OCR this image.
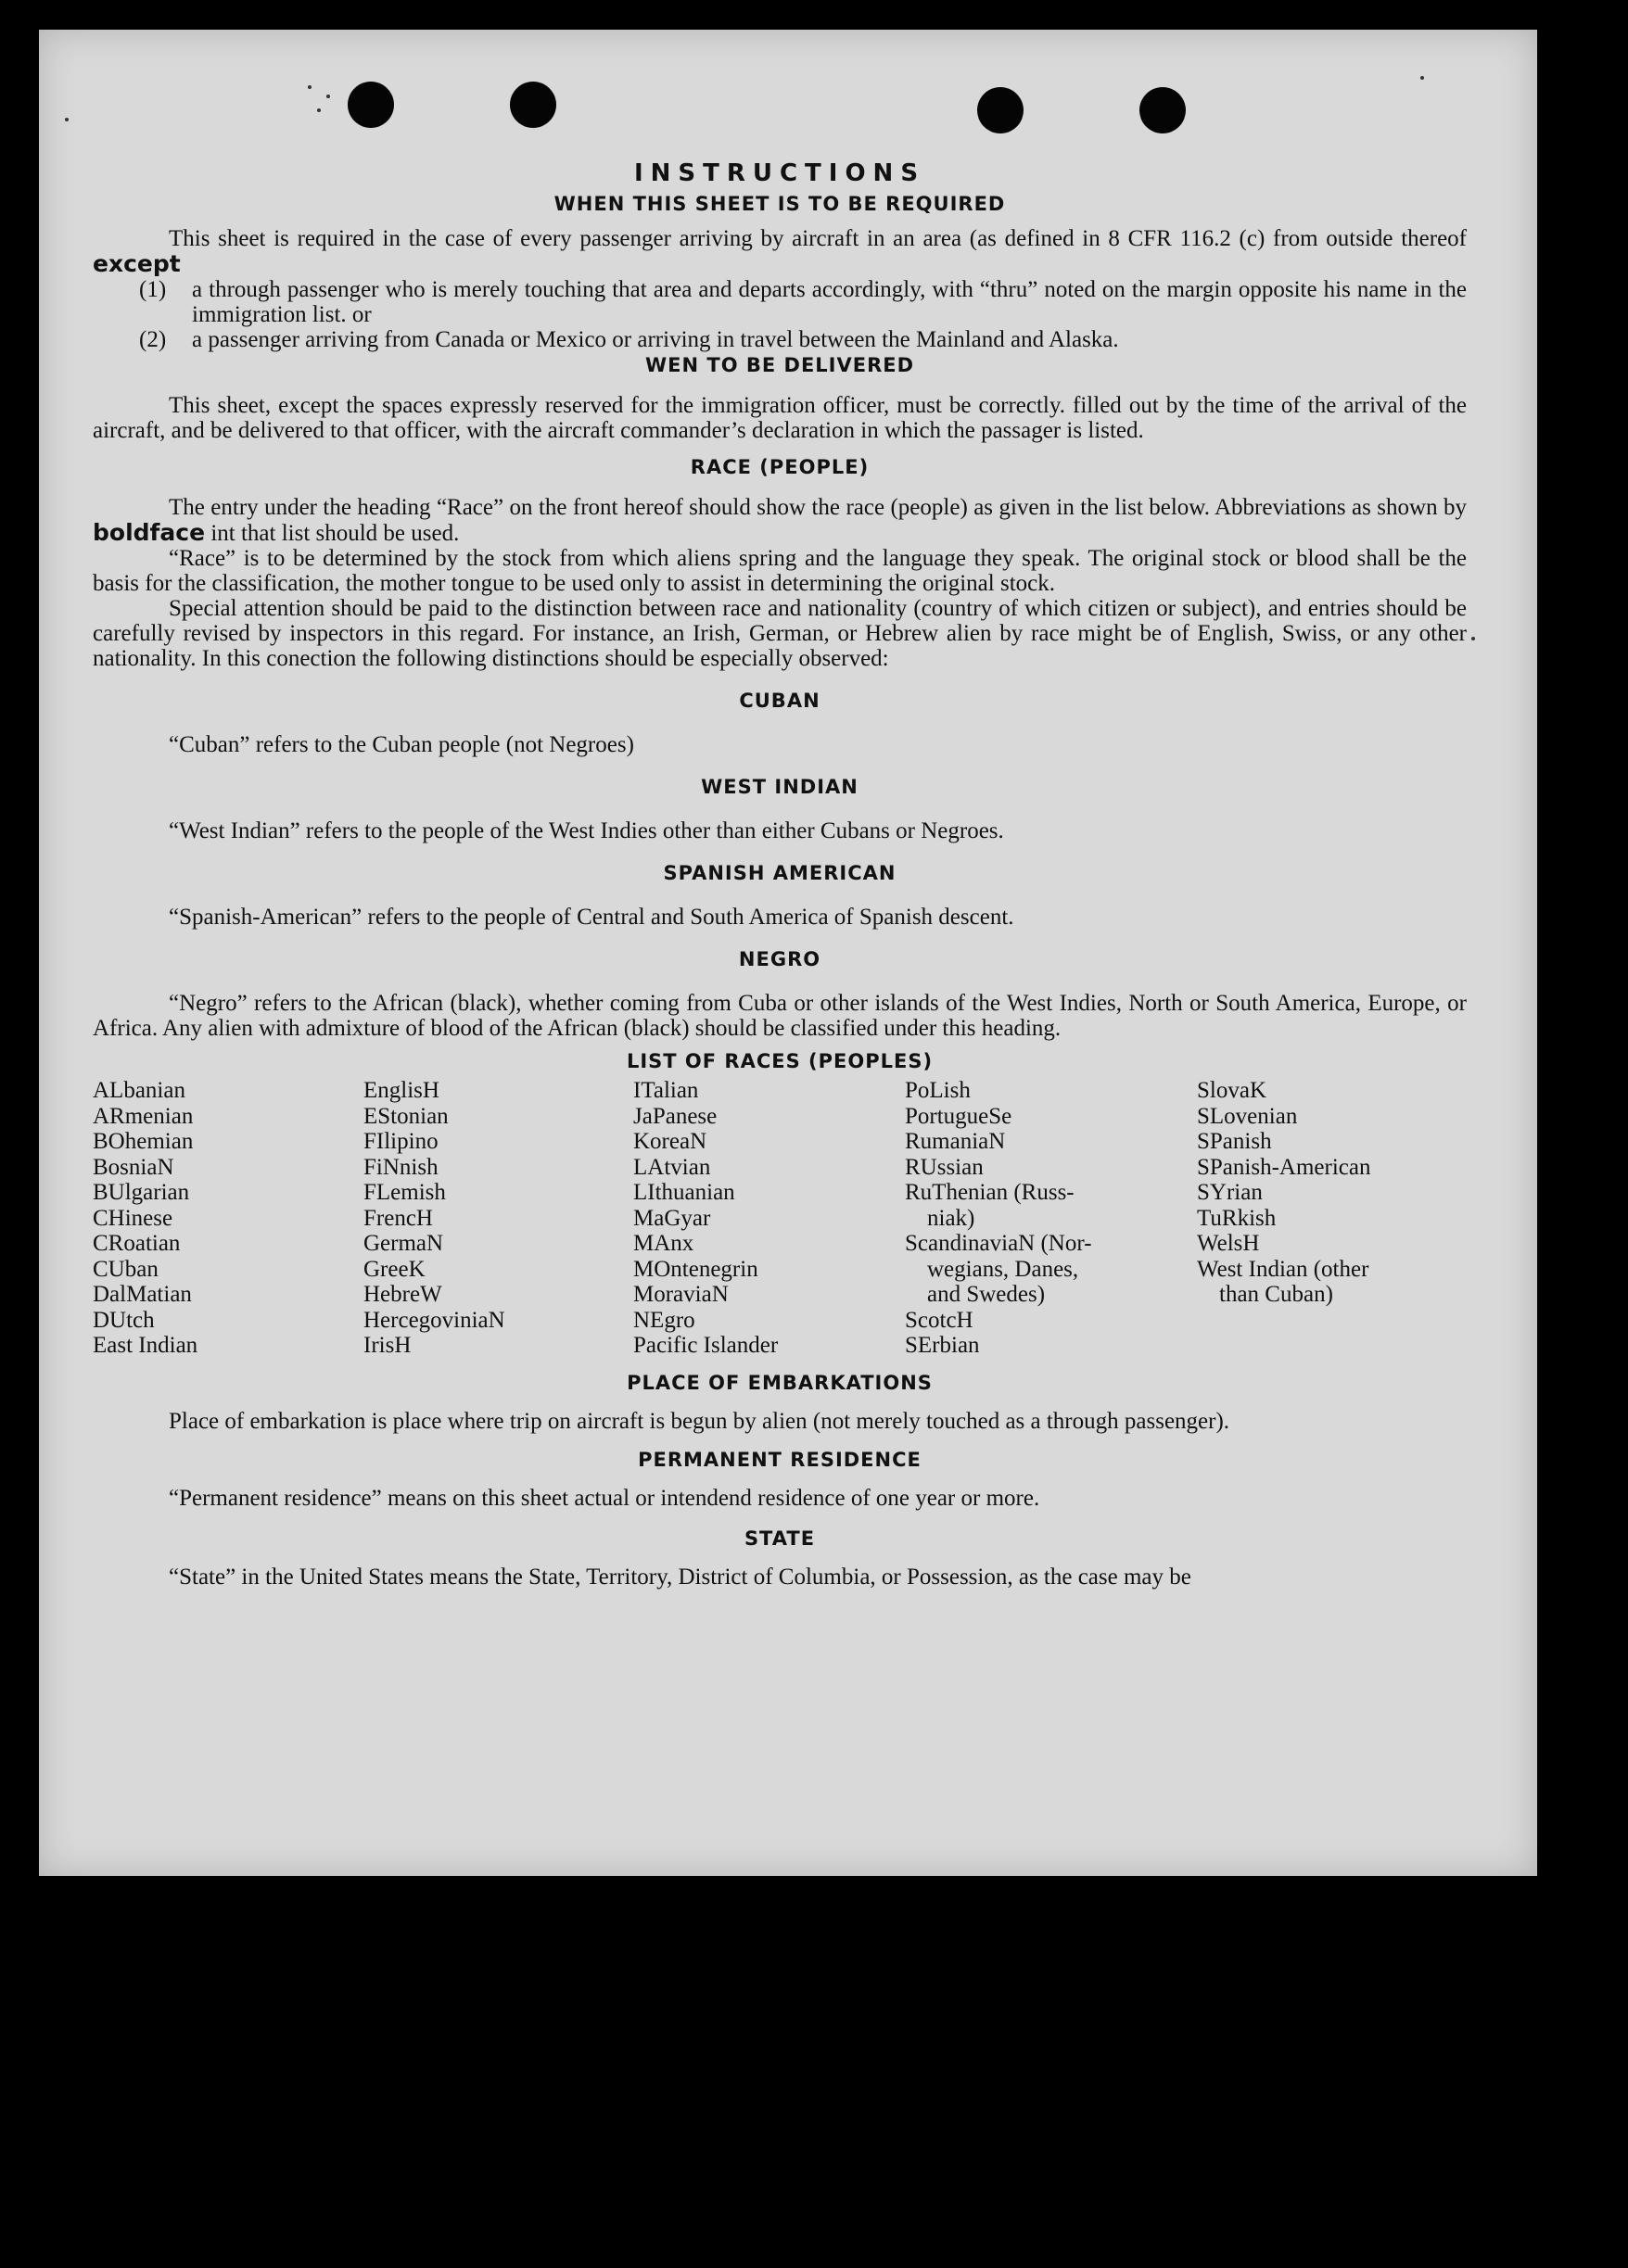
INSTRUCTIONS
WHEN THIS SHEET IS TO BE REQUIRED

This sheet is required in the case of every passenger arriving by aircraft in an area (as defined in 8 CFR 116.2 (c) from outside thereof except

(1)	a through passenger who is merely touching that area and departs accordingly, with “thru” noted on the margin opposite his name in the immigration list. or
(2)	a passenger arriving from Canada or Mexico or arriving in travel between the Mainland and Alaska.
WEN TO BE DELIVERED

This sheet, except the spaces expressly reserved for the immigration officer, must be correctly. filled out by the time of the arrival of the aircraft, and be delivered to that officer, with the aircraft commander’s declaration in which the passager is listed.

RACE (PEOPLE)

The entry under the heading “Race” on the front hereof should show the race (people) as given in the list below. Abbreviations as shown by boldface int that list should be used.

“Race” is to be determined by the stock from which aliens spring and the language they speak. The original stock or blood shall be the basis for the classification, the mother tongue to be used only to assist in determining the original stock.

Special attention should be paid to the distinction between race and nationality (country of which citizen or subject), and entries should be carefully revised by inspectors in this regard. For instance, an Irish, German, or Hebrew alien by race might be of English, Swiss, or any other nationality. In this conection the following distinctions should be especially observed:

CUBAN

“Cuban” refers to the Cuban people (not Negroes)

WEST INDIAN

“West Indian” refers to the people of the West Indies other than either Cubans or Negroes.

SPANISH AMERICAN

“Spanish-American” refers to the people of Central and South America of Spanish descent.

NEGRO

“Negro” refers to the African (black), whether coming from Cuba or other islands of the West Indies, North or South America, Europe, or Africa. Any alien with admixture of blood of the African (black) should be classified under this heading.

LIST OF RACES (PEOPLES)
ALbanian
ARmenian
BOhemian
BosniaN
BUlgarian
CHinese
CRoatian
CUban
DalMatian
DUtch
East Indian
EnglisH
EStonian
FIlipino
FiNnish
FLemish
FrencH
GermaN
GreeK
HebreW
HercegoviniaN
IrisH
ITalian
JaPanese
KoreaN
LAtvian
LIthuanian
MaGyar
MAnx
MOntenegrin
MoraviaN
NEgro
Pacific Islander
PoLish
PortugueSe
RumaniaN
RUssian
RuThenian (Russ-
niak)
ScandinaviaN (Nor-
wegians, Danes,
and Swedes)
ScotcH
SErbian
SlovaK
SLovenian
SPanish
SPanish-American
SYrian
TuRkish
WelsH
West Indian (other
than Cuban)
PLACE OF EMBARKATIONS

Place of embarkation is place where trip on aircraft is begun by alien (not merely touched as a through passenger).

PERMANENT RESIDENCE

“Permanent residence” means on this sheet actual or intendend residence of one year or more.

STATE

“State” in the United States means the State, Territory, District of Columbia, or Possession, as the case may be
